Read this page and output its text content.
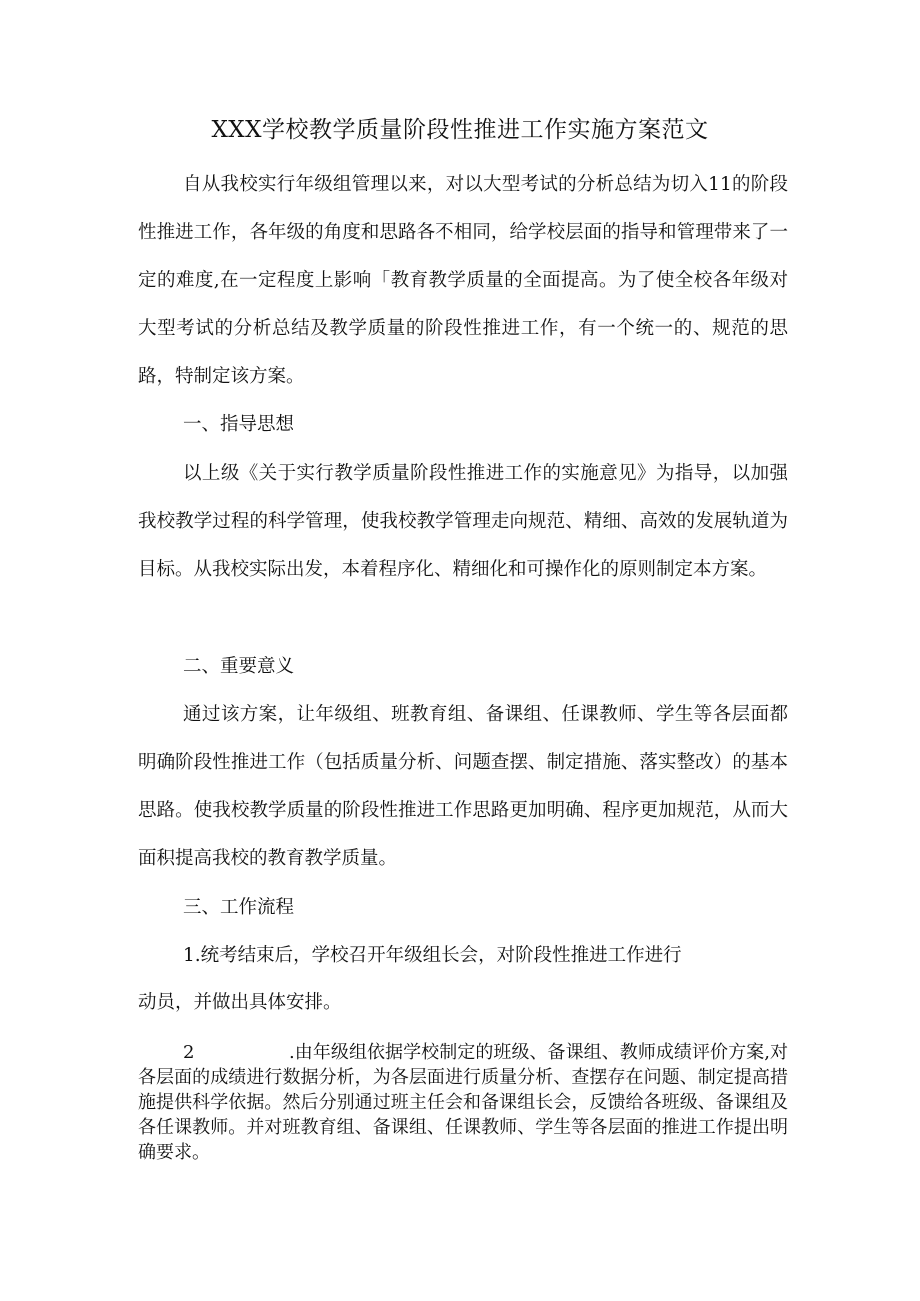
XXX学校教学质量阶段性推进工作实施方案范文

自从我校实行年级组管理以来，对以大型考试的分析总结为切入11的阶段性推进工作，各年级的角度和思路各不相同，给学校层面的指导和管理带来了一定的难度,在一定程度上影响「教育教学质量的全面提高。为了使全校各年级对大型考试的分析总结及教学质量的阶段性推进工作，有一个统一的、规范的思路，特制定该方案。

一、指导思想

以上级《关于实行教学质量阶段性推进工作的实施意见》为指导，以加强我校教学过程的科学管理，使我校教学管理走向规范、精细、高效的发展轨道为目标。从我校实际出发，本着程序化、精细化和可操作化的原则制定本方案。

二、重要意义

通过该方案，让年级组、班教育组、备课组、任课教师、学生等各层面都明确阶段性推进工作（包括质量分析、问题查摆、制定措施、落实整改）的基本思路。使我校教学质量的阶段性推进工作思路更加明确、程序更加规范，从而大面积提高我校的教育教学质量。

三、工作流程

1.统考结束后，学校召开年级组长会，对阶段性推进工作进行

动员，并做出具体安排。

2	.由年级组依据学校制定的班级、备课组、教师成绩评价方案,对各层面的成绩进行数据分析，为各层面进行质量分析、查摆存在问题、制定提高措施提供科学依据。然后分别通过班主任会和备课组长会，反馈给各班级、备课组及各任课教师。并对班教育组、备课组、任课教师、学生等各层面的推进工作提出明确要求。
